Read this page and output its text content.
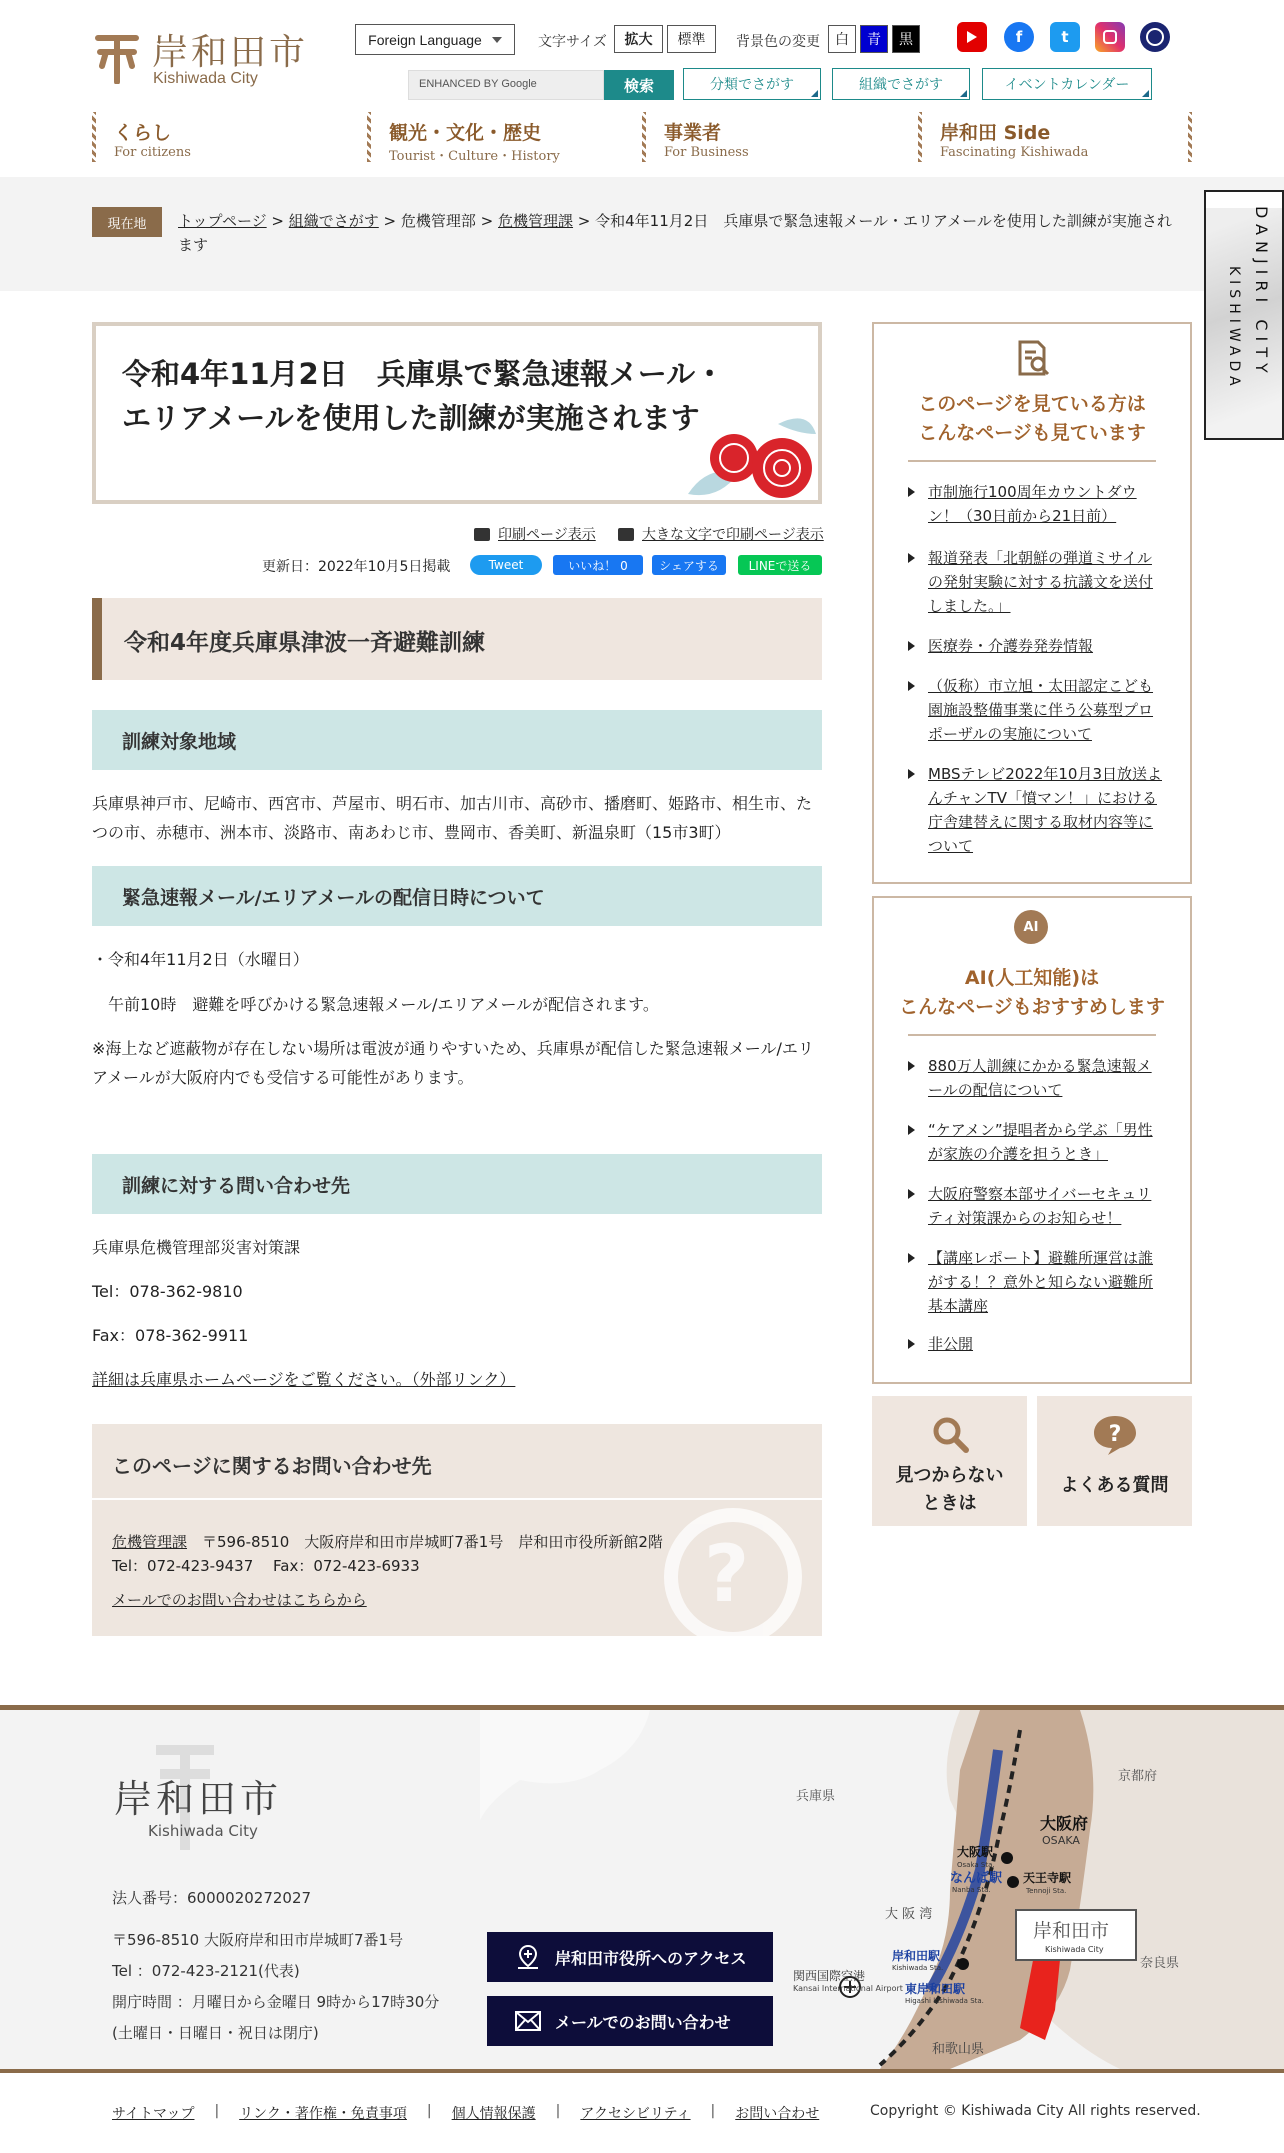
岸和田市
Kishiwada City
Foreign Language	文字サイズ	拡大	標準	背景色の変更	白	青	黒	f	t
ENHANCED BY Google	検索	分類でさがす	組織でさがす	イベントカレンダー
くらし
For citizens
観光・文化・歴史
Tourist・Culture・History
事業者
For Business
岸和田 Side
Fascinating Kishiwada
現在地	トップページ > 組織でさがす > 危機管理部 > 危機管理課 > 令和4年11月2日　兵庫県で緊急速報メール・エリアメールを使用した訓練が実施されます	DANJIRI CITY
KISHIWADA
令和4年11月2日　兵庫県で緊急速報メール・エリアメールを使用した訓練が実施されます
印刷ページ表示	大きな文字で印刷ページ表示
更新日：2022年10月5日掲載	Tweet	いいね！ 0	シェアする	LINEで送る
令和4年度兵庫県津波一斉避難訓練
訓練対象地域
兵庫県神戸市、尼崎市、西宮市、芦屋市、明石市、加古川市、高砂市、播磨町、姫路市、相生市、たつの市、赤穂市、洲本市、淡路市、南あわじ市、豊岡市、香美町、新温泉町（15市3町）
緊急速報メール/エリアメールの配信日時について
・令和4年11月2日（水曜日）
　午前10時　避難を呼びかける緊急速報メール/エリアメールが配信されます。
※海上など遮蔽物が存在しない場所は電波が通りやすいため、兵庫県が配信した緊急速報メール/エリアメールが大阪府内でも受信する可能性があります。
訓練に対する問い合わせ先
兵庫県危機管理部災害対策課
Tel：078-362-9810
Fax：078-362-9911
詳細は兵庫県ホームページをご覧ください。（外部リンク）
このページに関するお問い合わせ先
?
危機管理課　〒596-8510　大阪府岸和田市岸城町7番1号　岸和田市役所新館2階
Tel：072-423-9437　 Fax：072-423-6933
メールでのお問い合わせはこちらから
このページを見ている方は
こんなページも見ています
市制施行100周年カウントダウン！（30日前から21日前）
報道発表「北朝鮮の弾道ミサイルの発射実験に対する抗議文を送付しました。」
医療券・介護券発券情報
（仮称）市立旭・太田認定こども園施設整備事業に伴う公募型プロポーザルの実施について
MBSテレビ2022年10月3日放送よんチャンTV「憤マン！」における庁舎建替えに関する取材内容等について
AI
AI(人工知能)は
こんなページもおすすめします
880万人訓練にかかる緊急速報メールの配信について
“ケアメン”提唱者から学ぶ「男性が家族の介護を担うとき」
大阪府警察本部サイバーセキュリティ対策課からのお知らせ！
【講座レポート】避難所運営は誰がする！？意外と知らない避難所基本講座
非公開
見つからない
ときは
?
よくある質問
兵庫県
京都府
大阪府
OSAKA
大阪駅
Osaka Sta.
なんば駅
Nanba Sta.
天王寺駅
Tennoji Sta.
大 阪 湾
岸和田市
Kishiwada City
岸和田駅
Kishiwada Sta.	奈良県
関西国際空港
Kansai International Airport 東岸和田駅
Higashi kishiwada Sta.
和歌山県
岸和田市
Kishiwada City
法人番号：6000020272027
〒596-8510 大阪府岸和田市岸城町7番1号
Tel ：072-423-2121(代表)
開庁時間 ：月曜日から金曜日 9時から17時30分
(土曜日・日曜日・祝日は閉庁)
岸和田市役所へのアクセス
メールでのお問い合わせ
サイトマップ | リンク・著作権・免責事項 | 個人情報保護 | アクセシビリティ | お問い合わせ	Copyright © Kishiwada City All rights reserved.
